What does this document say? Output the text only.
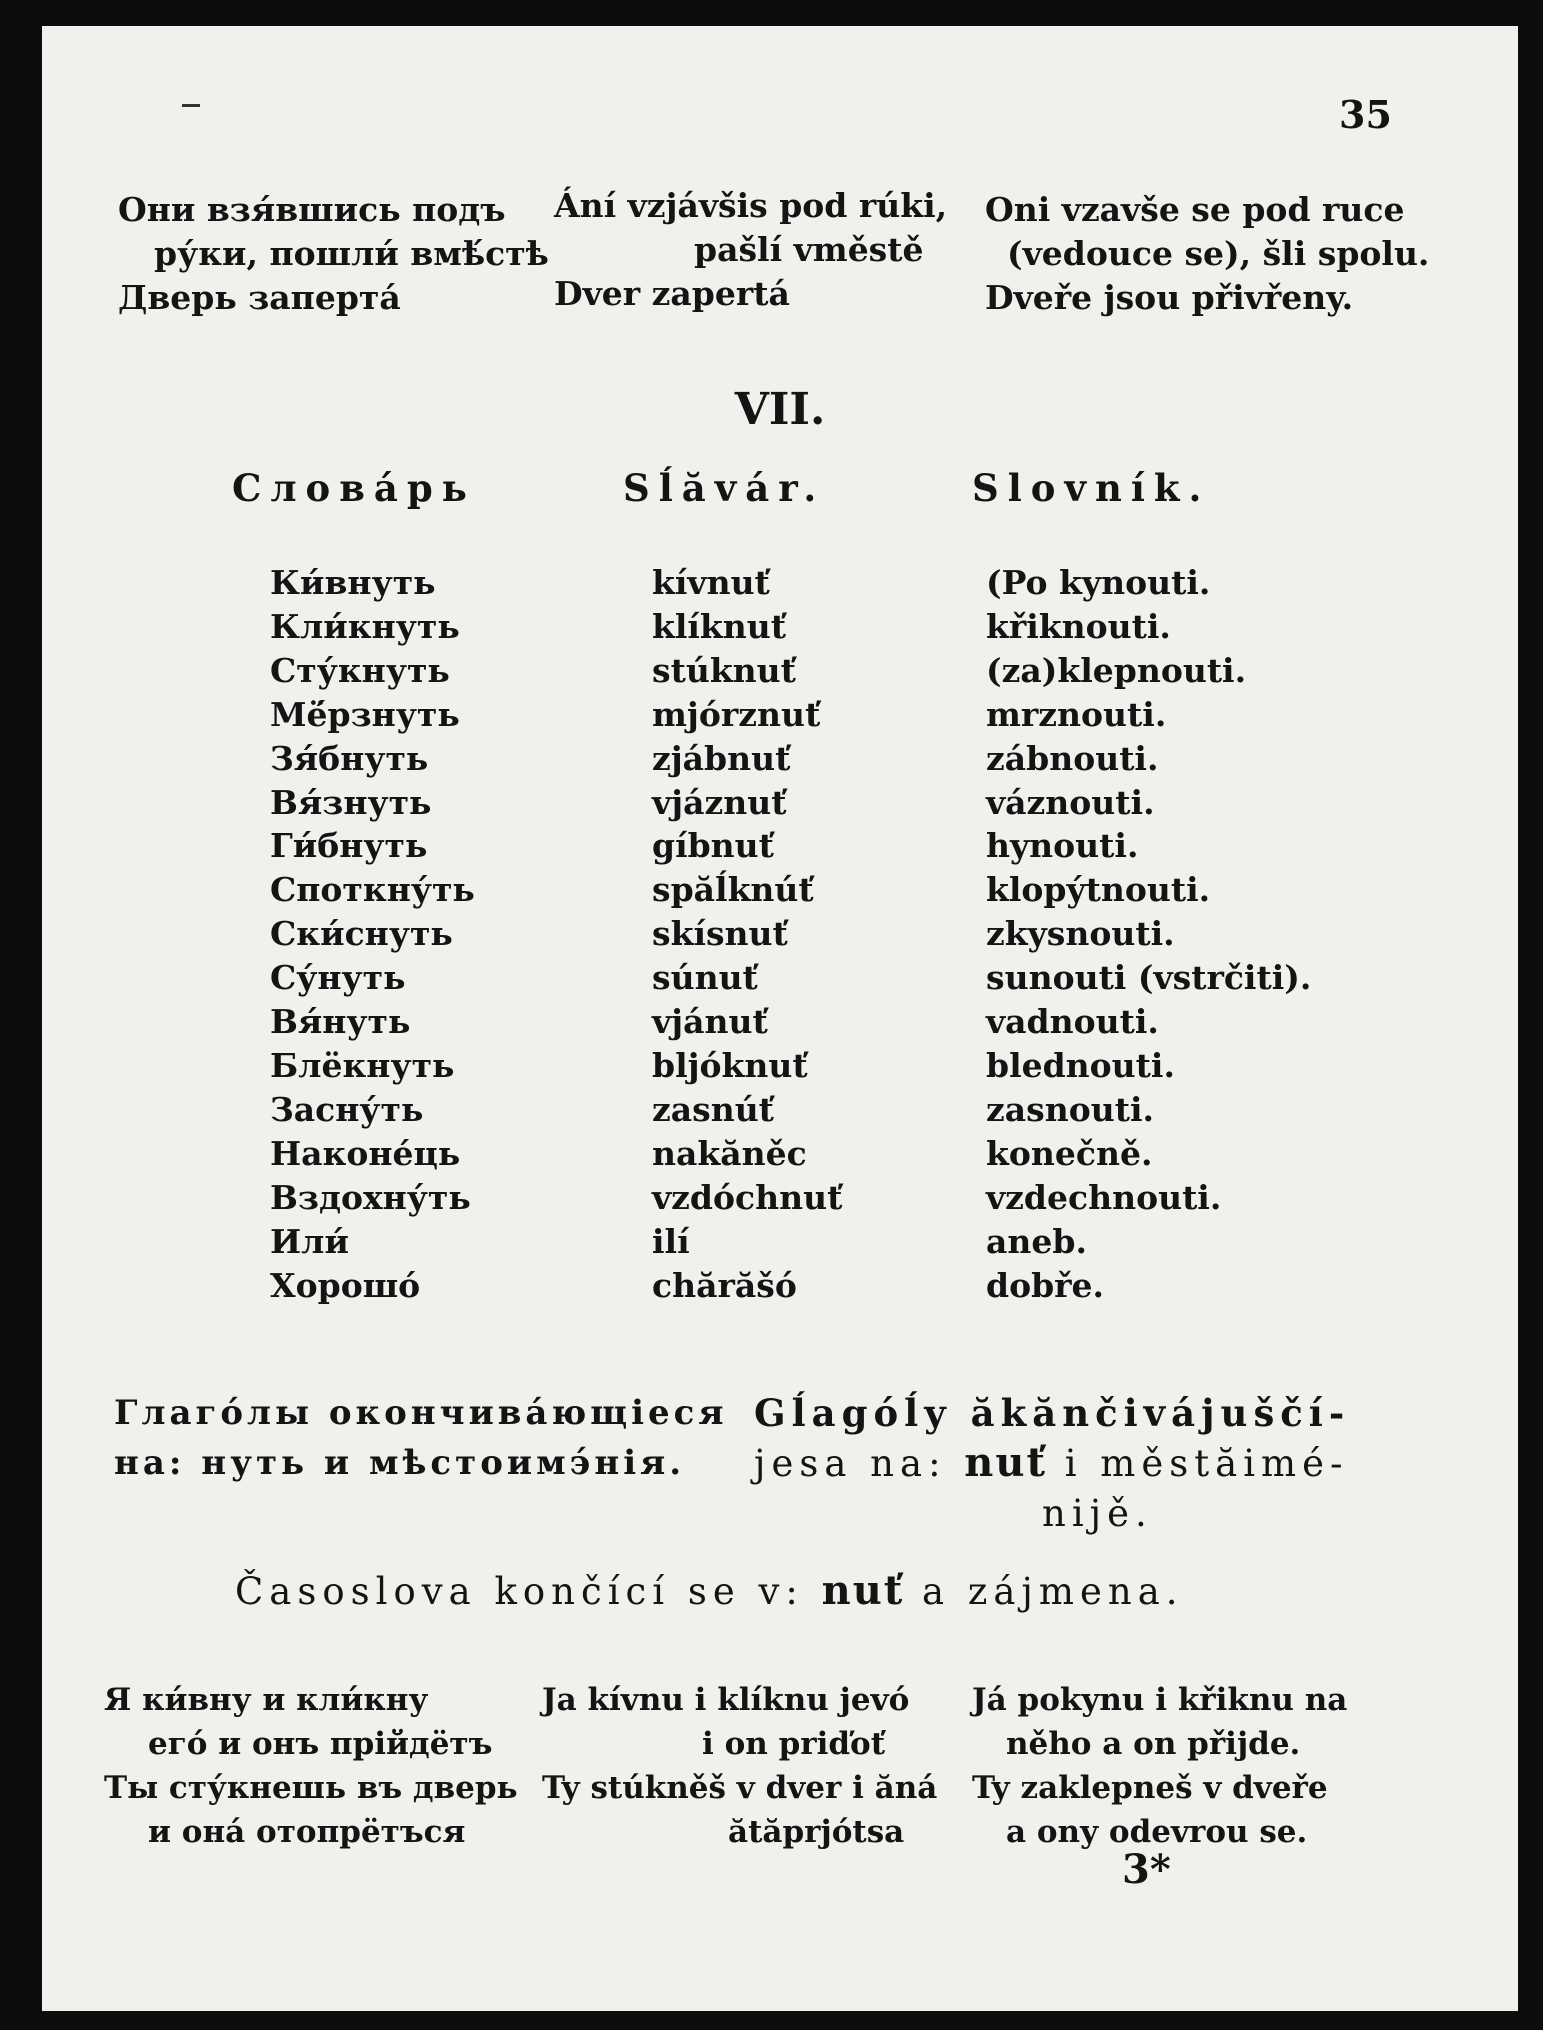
35
Они взя́вшись подъ
ру́ки, пошли́ вмѣ́стѣ
Дверь заперта́
Ání vzjávšis pod rúki,
pašlí vměstě
Dver zapertá
Oni vzavše se pod ruce
(vedouce se), šli spolu.
Dveře jsou přivřeny.
VII.
Слова́рь	Sĺăvár.	Slovník.
Ки́внуть
Кли́кнуть
Сту́кнуть
Мё́рзнуть
Зя́бнуть
Вя́знуть
Ги́бнуть
Споткну́ть
Ски́снуть
Су́нуть
Вя́нуть
Блёкнуть
Засну́ть
Наконе́ць
Вздохну́ть
Или́
Хорошо́
kívnuť
klíknuť
stúknuť
mjórznuť
zjábnuť
vjáznuť
gíbnuť
spăĺknúť
skísnuť
súnuť
vjánuť
bljóknuť
zasnúť
nakăněc
vzdóchnuť
ilí
chărăšó
(Po kynouti.
křiknouti.
(za)klepnouti.
mrznouti.
zábnouti.
váznouti.
hynouti.
klopýtnouti.
zkysnouti.
sunouti (vstrčiti).
vadnouti.
blednouti.
zasnouti.
konečně.
vzdechnouti.
aneb.
dobře.
Глаго́лы окончива́ющіеся
на: нуть и мѣстоимэ́нія.
Gĺagóĺy ăkănčivájuščí-
jesa na: nuť i městăimé-
nijě.
Časoslova končící se v: nuť a zájmena.
Я ки́вну и кли́кну
его́ и онъ прійдётъ
Ты сту́кнешь въ дверь
и она́ отопрётъся
Ja kívnu i klíknu jevó
i on priďoť
Ty stúkněš v dver i ăná
ătăprjótsa
Já pokynu i křiknu na
něho a on přijde.
Ty zaklepneš v dveře
a ony odevrou se.
3*
